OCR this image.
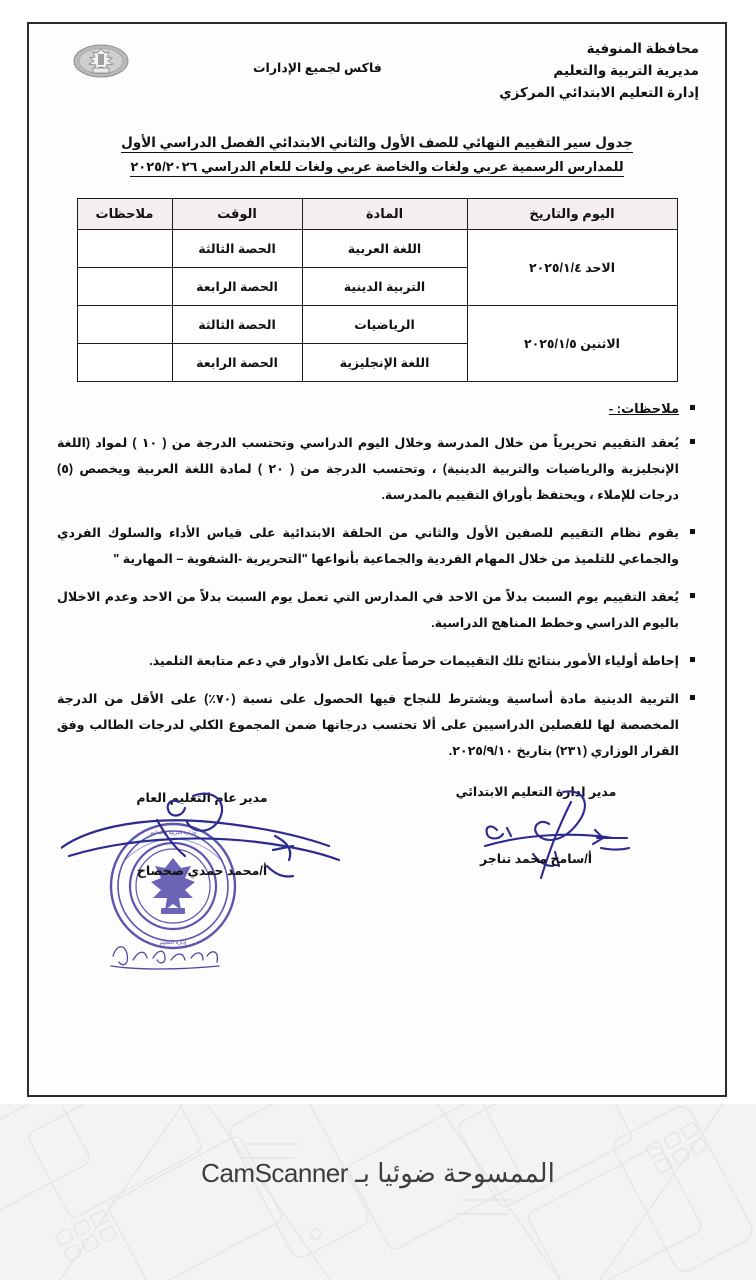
محافظة المنوفية
مديرية التربية والتعليم
إدارة التعليم الابتدائي المركزي
فاكس لجميع الإدارات
جدول سير التقييم النهائي للصف الأول والثاني الابتدائي الفصل الدراسي الأول
للمدارس الرسمية عربي ولغات والخاصة عربي ولغات للعام الدراسي ٢٠٢٥/٢٠٢٦
اليوم والتاريخ	المادة	الوقت	ملاحظات
الاحد ٢٠٢٥/١/٤	اللغة العربية	الحصة الثالثة	
	التربية الدينية	الحصة الرابعة	
الاثنين ٢٠٢٥/١/٥	الرياضيات	الحصة الثالثة	
	اللغة الإنجليزية	الحصة الرابعة	
ملاحظات: -
يُعقد التقييم تحريرياً من خلال المدرسة وخلال اليوم الدراسي وتحتسب الدرجة من ( ١٠ ) لمواد (اللغة الإنجليزية والرياضيات والتربية الدينية) ، وتحتسب الدرجة من ( ٢٠ ) لمادة اللغة العربية ويخصص (٥) درجات للإملاء ، ويحتفظ بأوراق التقييم بالمدرسة.
يقوم نظام التقييم للصفين الأول والثاني من الحلقة الابتدائية على قياس الأداء والسلوك الفردي والجماعي للتلميذ من خلال المهام الفردية والجماعية بأنواعها "التحريرية -الشفوية – المهارية "
يُعقد التقييم يوم السبت بدلاً من الاحد في المدارس التي تعمل يوم السبت بدلاً من الاحد وعدم الاخلال باليوم الدراسي وخطط المناهج الدراسية.
إحاطة أولياء الأمور بنتائج تلك التقييمات حرصاً على تكامل الأدوار في دعم متابعة التلميذ.
التربية الدينية مادة أساسية ويشترط للنجاح فيها الحصول على نسبة (٧٠٪) على الأقل من الدرجة المخصصة لها للفصلين الدراسيين على ألا تحتسب درجاتها ضمن المجموع الكلي لدرجات الطالب وفق القرار الوزاري (٢٣١) بتاريخ ٢٠٢٥/٩/١٠.
مدير إدارة التعليم الابتدائي
أ/سامح محمد تناجر
مدير عام التعليم العام
أ/محمد حمدي صحصاح
وزارة التربية والتعليم
إدارة التعليم
الممسوحة ضوئيا بـ CamScanner
